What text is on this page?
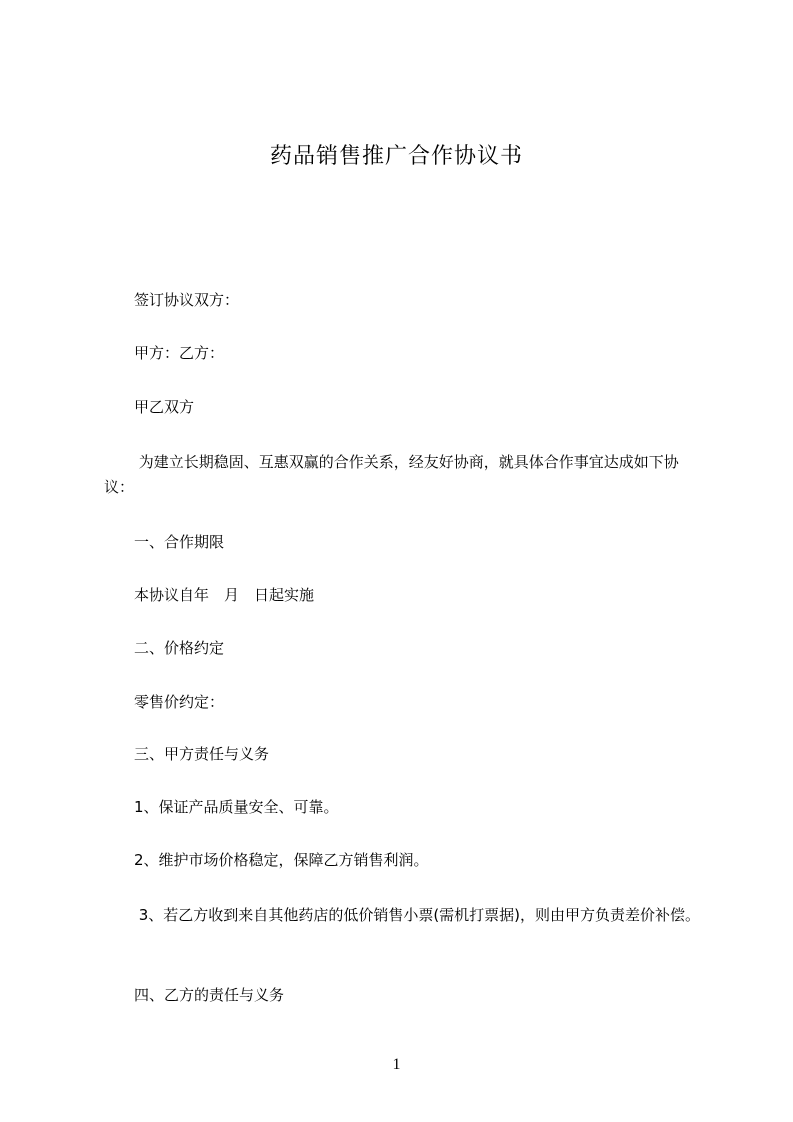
药品销售推广合作协议书

　　签订协议双方：

　　甲方：乙方：

　　甲乙双方

　　 为建立长期稳固、互惠双赢的合作关系，经友好协商，就具体合作事宜达成如下协议：

　　一、合作期限

　　本协议自年　月　日起实施

　　二、价格约定

　　零售价约定：

　　三、甲方责任与义务

　　1、保证产品质量安全、可靠。

　　2、维护市场价格稳定，保障乙方销售利润。

　　 3、若乙方收到来自其他药店的低价销售小票(需机打票据)，则由甲方负责差价补偿。

　　四、乙方的责任与义务

1
